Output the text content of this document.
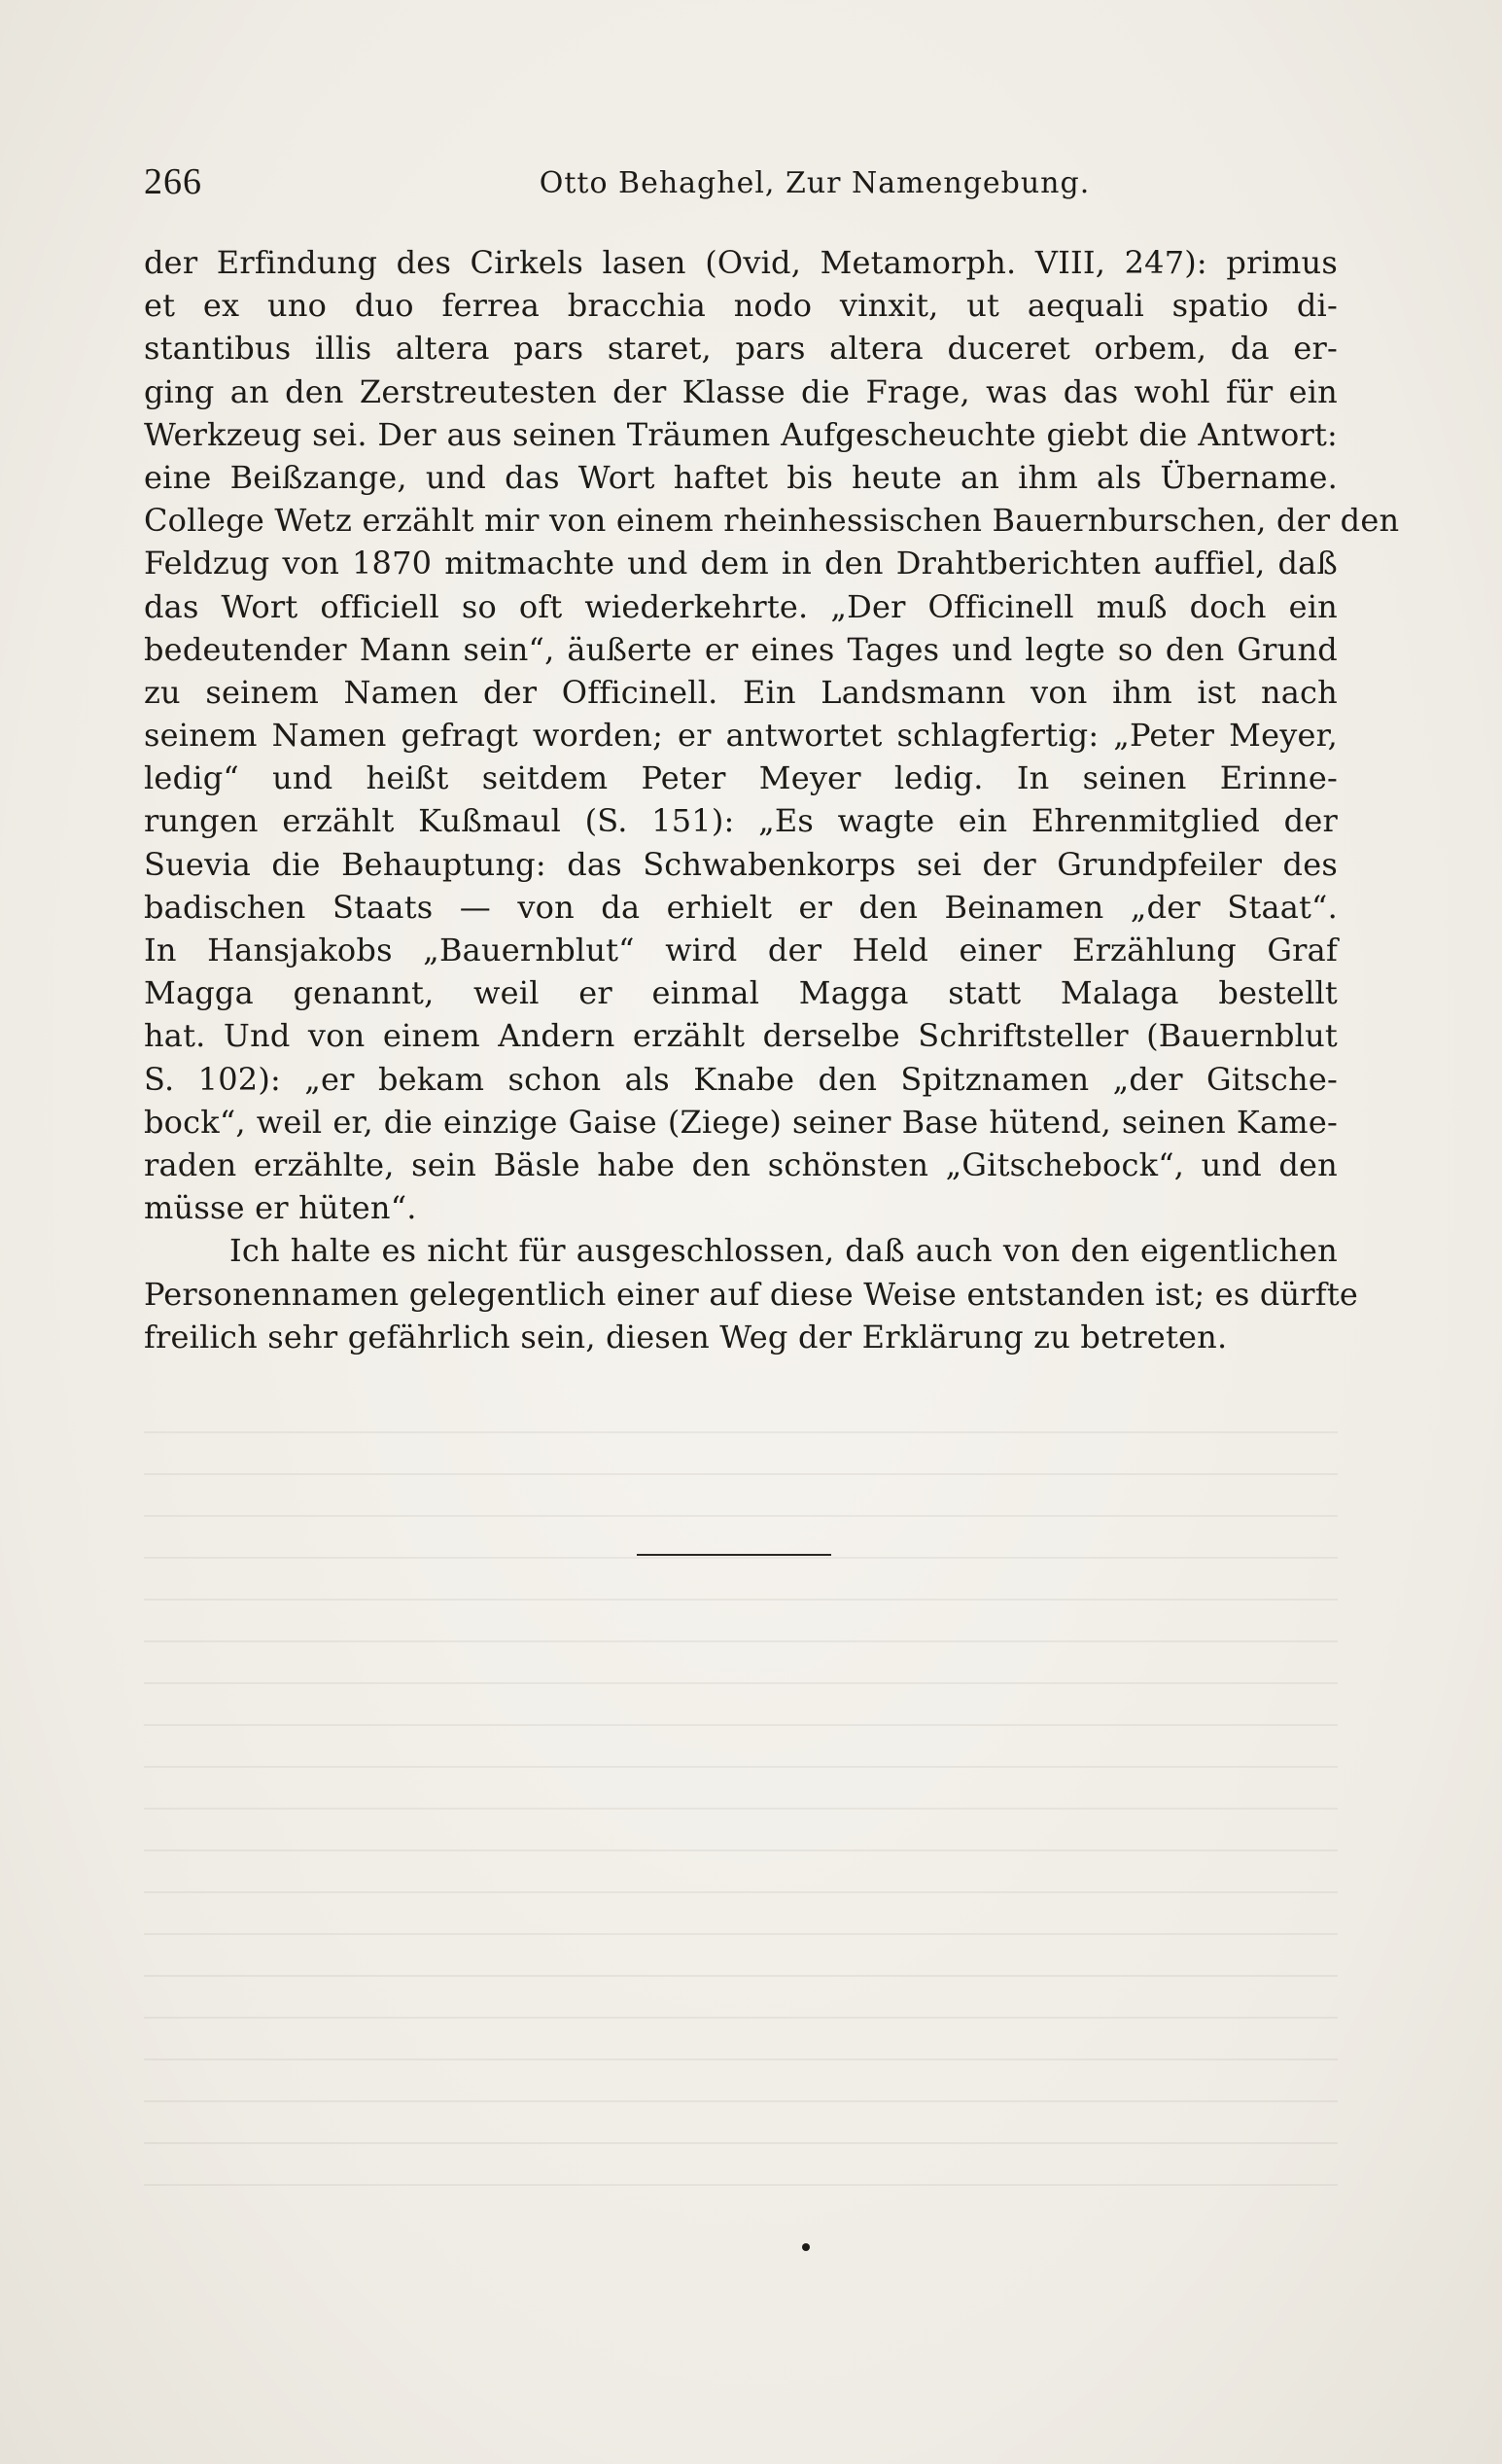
266	Otto Behaghel, Zur Namengebung.
der Erfindung des Cirkels lasen (Ovid, Metamorph. VIII, 247): primus
et ex uno duo ferrea bracchia nodo vinxit, ut aequali spatio di-
stantibus illis altera pars staret, pars altera duceret orbem, da er-
ging an den Zerstreutesten der Klasse die Frage, was das wohl für ein
Werkzeug sei. Der aus seinen Träumen Aufgescheuchte giebt die Antwort:
eine Beißzange, und das Wort haftet bis heute an ihm als Übername.
College Wetz erzählt mir von einem rheinhessischen Bauernburschen, der den
Feldzug von 1870 mitmachte und dem in den Drahtberichten auffiel, daß
das Wort officiell so oft wiederkehrte. „Der Officinell muß doch ein
bedeutender Mann sein“, äußerte er eines Tages und legte so den Grund
zu seinem Namen der Officinell. Ein Landsmann von ihm ist nach
seinem Namen gefragt worden; er antwortet schlagfertig: „Peter Meyer,
ledig“ und heißt seitdem Peter Meyer ledig. In seinen Erinne-
rungen erzählt Kußmaul (S. 151): „Es wagte ein Ehrenmitglied der
Suevia die Behauptung: das Schwabenkorps sei der Grundpfeiler des
badischen Staats — von da erhielt er den Beinamen „der Staat“.
In Hansjakobs „Bauernblut“ wird der Held einer Erzählung Graf
Magga genannt, weil er einmal Magga statt Malaga bestellt
hat. Und von einem Andern erzählt derselbe Schriftsteller (Bauernblut
S. 102): „er bekam schon als Knabe den Spitznamen „der Gitsche-
bock“, weil er, die einzige Gaise (Ziege) seiner Base hütend, seinen Kame-
raden erzählte, sein Bäsle habe den schönsten „Gitschebock“, und den
müsse er hüten“.
Ich halte es nicht für ausgeschlossen, daß auch von den eigentlichen
Personennamen gelegentlich einer auf diese Weise entstanden ist; es dürfte
freilich sehr gefährlich sein, diesen Weg der Erklärung zu betreten.
